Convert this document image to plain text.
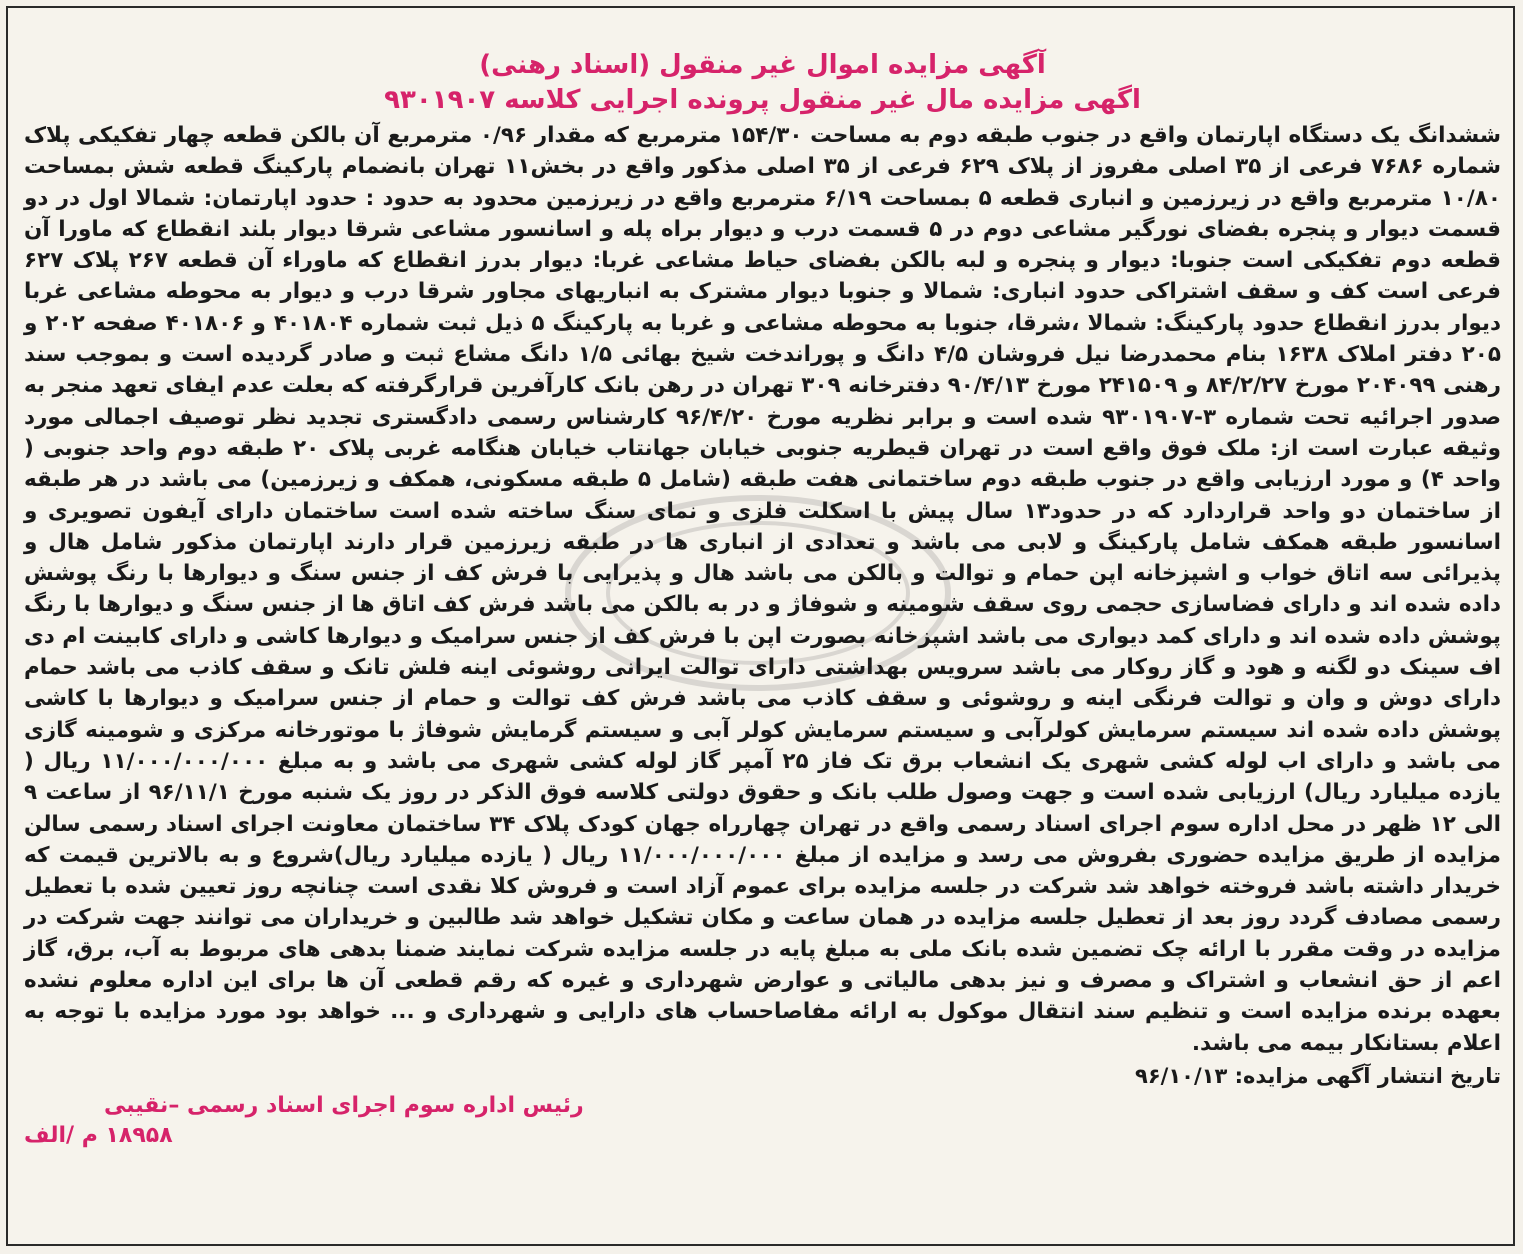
آگهی مزایده اموال غیر منقول (اسناد رهنی)
اگهی مزایده مال غیر منقول پرونده اجرایی کلاسه ۹۳۰۱۹۰۷
ششدانگ یک دستگاه اپارتمان واقع در جنوب طبقه دوم به مساحت ۱۵۴/۳۰ مترمربع که مقدار ۰/۹۶ مترمربع آن بالکن قطعه چهار تفکیکی پلاک شماره ۷۶۸۶ فرعی از ۳۵ اصلی مفروز از پلاک ۶۲۹ فرعی از ۳۵ اصلی مذکور واقع در بخش۱۱ تهران بانضمام پارکینگ قطعه شش بمساحت ۱۰/۸۰ مترمربع واقع در زیرزمین و انباری قطعه ۵ بمساحت ۶/۱۹ مترمربع واقع در زیرزمین محدود به حدود : حدود اپارتمان: شمالا اول در دو قسمت دیوار و پنجره بفضای نورگیر مشاعی دوم در ۵ قسمت درب و دیوار براه پله و اسانسور مشاعی شرقا دیوار بلند انقطاع که ماورا آن قطعه دوم تفکیکی است جنوبا: دیوار و پنجره و لبه بالکن بفضای حیاط مشاعی غربا: دیوار بدرز انقطاع که ماوراء آن قطعه ۲۶۷ پلاک ۶۲۷ فرعی است کف و سقف اشتراکی حدود انباری: شمالا و جنوبا دیوار مشترک به انباریهای مجاور شرقا درب و دیوار به محوطه مشاعی غربا دیوار بدرز انقطاع حدود پارکینگ: شمالا ،شرقا، جنوبا به محوطه مشاعی و غربا به پارکینگ ۵ ذیل ثبت شماره ۴۰۱۸۰۴ و ۴۰۱۸۰۶ صفحه ۲۰۲ و ۲۰۵ دفتر املاک ۱۶۳۸ بنام محمدرضا نیل فروشان ۴/۵ دانگ و پوراندخت شیخ بهائی ۱/۵ دانگ مشاع ثبت و صادر گردیده است و بموجب سند رهنی ۲۰۴۰۹۹ مورخ ۸۴/۲/۲۷ و ۲۴۱۵۰۹ مورخ ۹۰/۴/۱۳ دفترخانه ۳۰۹ تهران در رهن بانک کارآفرین قرارگرفته که بعلت عدم ایفای تعهد منجر به صدور اجرائیه تحت شماره ۳-۹۳۰۱۹۰۷ شده است و برابر نظریه مورخ ۹۶/۴/۲۰ کارشناس رسمی دادگستری تجدید نظر توصیف اجمالی مورد وثیقه عبارت است از: ملک فوق واقع است در تهران قیطریه جنوبی خیابان جهانتاب خیابان هنگامه غربی پلاک ۲۰ طبقه دوم واحد جنوبی ( واحد ۴) و مورد ارزیابی واقع در جنوب طبقه دوم ساختمانی هفت طبقه (شامل ۵ طبقه مسکونی، همکف و زیرزمین) می باشد در هر طبقه از ساختمان دو واحد قراردارد که در حدود۱۳ سال پیش با اسکلت فلزی و نمای سنگ ساخته شده است ساختمان دارای آیفون تصویری و اسانسور طبقه همکف شامل پارکینگ و لابی می باشد و تعدادی از انباری ها در طبقه زیرزمین قرار دارند اپارتمان مذکور شامل هال و پذیرائی سه اتاق خواب و اشپزخانه اپن حمام و توالت و بالکن می باشد هال و پذیرایی با فرش کف از جنس سنگ و دیوارها با رنگ پوشش داده شده اند و دارای فضاسازی حجمی روی سقف شومینه و شوفاژ و در به بالکن می باشد فرش کف اتاق ها از جنس سنگ و دیوارها با رنگ پوشش داده شده اند و دارای کمد دیواری می باشد اشپزخانه بصورت اپن با فرش کف از جنس سرامیک و دیوارها کاشی و دارای کابینت ام دی اف سینک دو لگنه و هود و گاز روکار می باشد سرویس بهداشتی دارای توالت ایرانی روشوئی اینه فلش تانک و سقف کاذب می باشد حمام دارای دوش و وان و توالت فرنگی اینه و روشوئی و سقف کاذب می باشد فرش کف توالت و حمام از جنس سرامیک و دیوارها با کاشی پوشش داده شده اند سیستم سرمایش کولرآبی و سیستم سرمایش کولر آبی و سیستم گرمایش شوفاژ با موتورخانه مرکزی و شومینه گازی می باشد و دارای اب لوله کشی شهری یک انشعاب برق تک فاز ۲۵ آمپر گاز لوله کشی شهری می باشد و به مبلغ ۱۱/۰۰۰/۰۰۰/۰۰۰ ریال ( یازده میلیارد ریال) ارزیابی شده است و جهت وصول طلب بانک و حقوق دولتی کلاسه فوق الذکر در روز یک شنبه مورخ ۹۶/۱۱/۱ از ساعت ۹ الی ۱۲ ظهر در محل اداره سوم اجرای اسناد رسمی واقع در تهران چهارراه جهان کودک پلاک ۳۴ ساختمان معاونت اجرای اسناد رسمی سالن مزایده از طریق مزایده حضوری بفروش می رسد و مزایده از مبلغ ۱۱/۰۰۰/۰۰۰/۰۰۰ ریال ( یازده میلیارد ریال)شروع و به بالاترین قیمت که خریدار داشته باشد فروخته خواهد شد شرکت در جلسه مزایده برای عموم آزاد است و فروش کلا نقدی است چنانچه روز تعیین شده با تعطیل رسمی مصادف گردد روز بعد از تعطیل جلسه مزایده در همان ساعت و مکان تشکیل خواهد شد طالبین و خریداران می توانند جهت شرکت در مزایده در وقت مقرر با ارائه چک تضمین شده بانک ملی به مبلغ پایه در جلسه مزایده شرکت نمایند ضمنا بدهی های مربوط به آب، برق، گاز اعم از حق انشعاب و اشتراک و مصرف و نیز بدهی مالیاتی و عوارض شهرداری و غیره که رقم قطعی آن ها برای این اداره معلوم نشده بعهده برنده مزایده است و تنظیم سند انتقال موکول به ارائه مفاصاحساب های دارایی و شهرداری و ... خواهد بود مورد مزایده با توجه به اعلام بستانکار بیمه می باشد.
تاریخ انتشار آگهی مزایده: ۹۶/۱۰/۱۳
رئیس اداره سوم اجرای اسناد رسمی –نقیبی
۱۸۹۵۸ م /الف
